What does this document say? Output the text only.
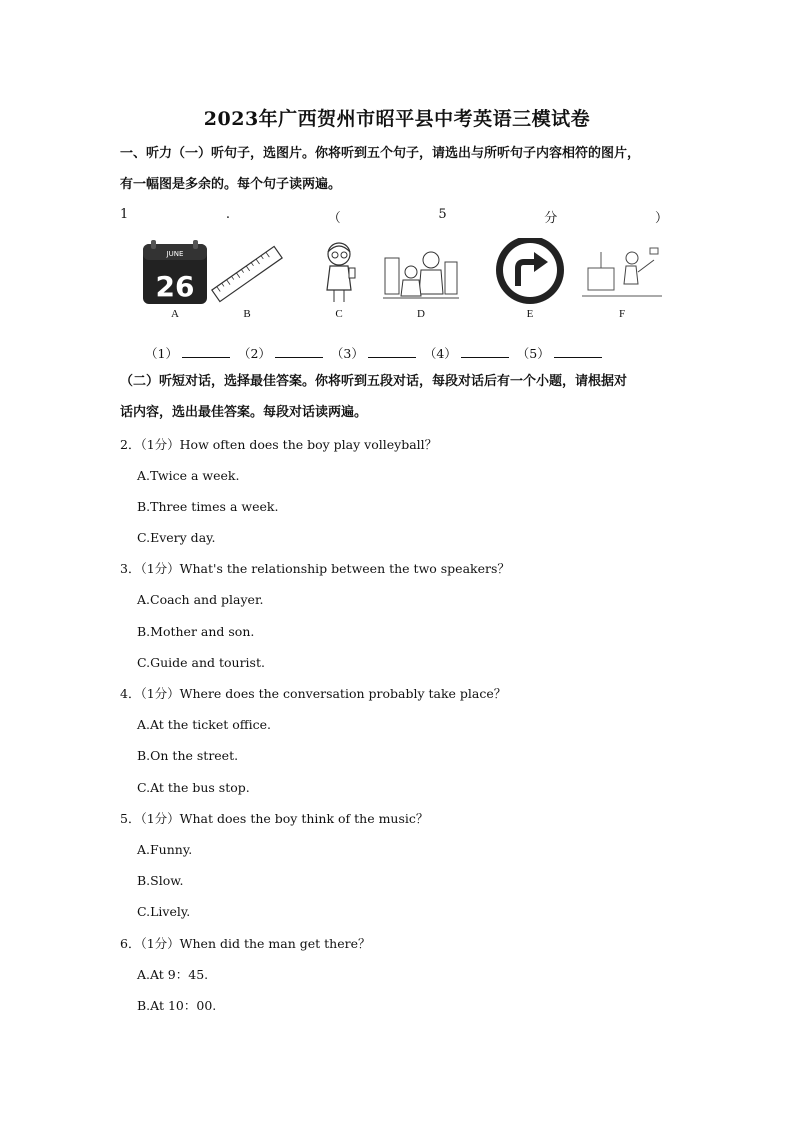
2023年广西贺州市昭平县中考英语三模试卷
一、听力（一）听句子，选图片。你将听到五个句子，请选出与所听句子内容相符的图片，
有一幅图是多余的。每个句子读两遍。
1	.	（	5	分	）
JUNE
26
A	B	C	D	E	F
（1）	（2）	（3）	（4）	（5）
（二）听短对话，选择最佳答案。你将听到五段对话，每段对话后有一个小题，请根据对
话内容，选出最佳答案。每段对话读两遍。
2．（1分）How often does the boy play volleyball？
A.Twice a week.
B.Three times a week.
C.Every day.
3．（1分）What's the relationship between the two speakers？
A.Coach and player.
B.Mother and son.
C.Guide and tourist.
4．（1分）Where does the conversation probably take place？
A.At the ticket office.
B.On the street.
C.At the bus stop.
5．（1分）What does the boy think of the music？
A.Funny.
B.Slow.
C.Lively.
6．（1分）When did the man get there？
A.At 9：45.
B.At 10：00.
